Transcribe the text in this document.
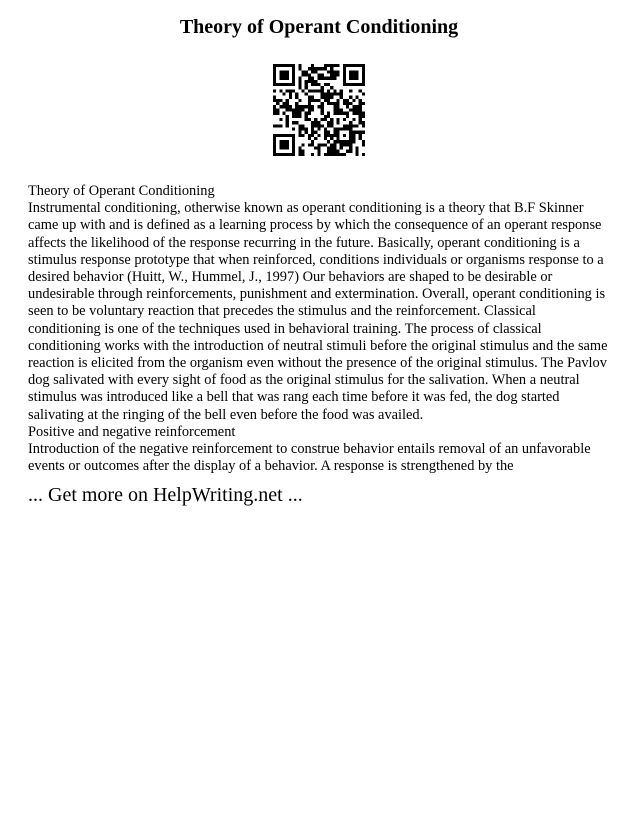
Theory of Operant Conditioning

Theory of Operant Conditioning

Instrumental conditioning, otherwise known as operant conditioning is a theory that B.F Skinner came up with and is defined as a learning process by which the consequence of an operant response affects the likelihood of the response recurring in the future. Basically, operant conditioning is a stimulus response prototype that when reinforced, conditions individuals or organisms response to a desired behavior (Huitt, W., Hummel, J., 1997) Our behaviors are shaped to be desirable or undesirable through reinforcements, punishment and extermination. Overall, operant conditioning is seen to be voluntary reaction that precedes the stimulus and the reinforcement. Classical conditioning is one of the techniques used in behavioral training. The process of classical conditioning works with the introduction of neutral stimuli before the original stimulus and the same reaction is elicited from the organism even without the presence of the original stimulus. The Pavlov dog salivated with every sight of food as the original stimulus for the salivation. When a neutral stimulus was introduced like a bell that was rang each time before it was fed, the dog started salivating at the ringing of the bell even before the food was availed.

Positive and negative reinforcement

Introduction of the negative reinforcement to construe behavior entails removal of an unfavorable events or outcomes after the display of a behavior. A response is strengthened by the

... Get more on HelpWriting.net ...
